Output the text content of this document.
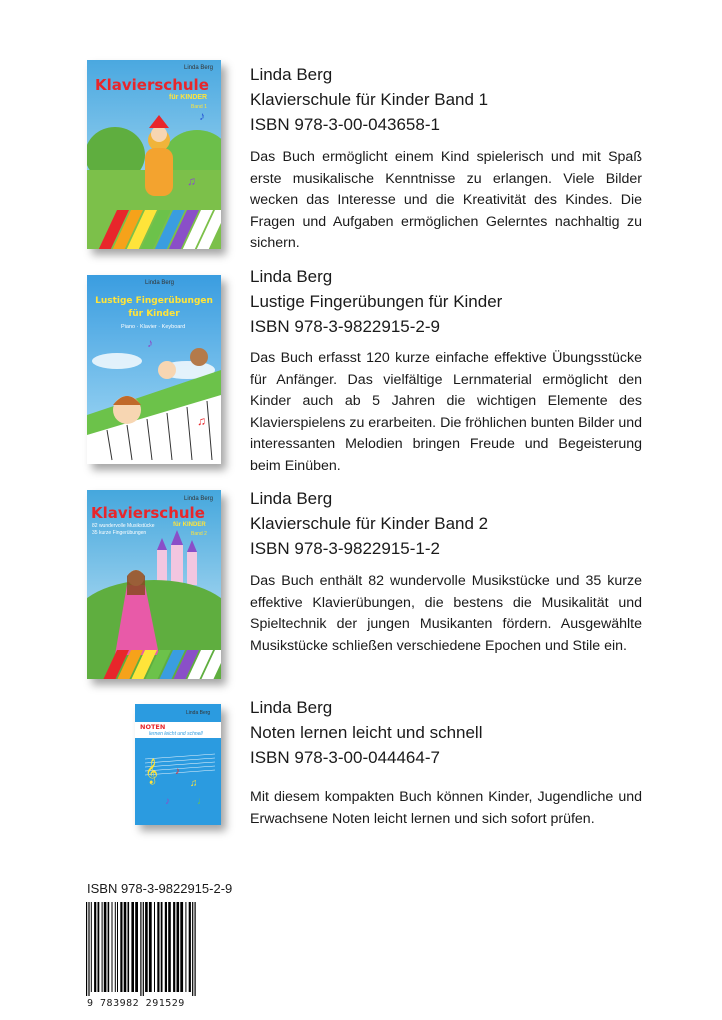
♪
♫
Linda Berg
Klavierschule
für KINDER
Band 1
Linda Berg
Klavierschule für Kinder Band 1
ISBN 978-3-00-043658-1
Das Buch ermöglicht einem Kind spielerisch und mit Spaß erste musikalische Kenntnisse zu erlangen. Viele Bilder wecken das Interesse und die Kreativität des Kindes. Die Fragen und Aufgaben ermöglichen Gelerntes nachhaltig zu sichern.
♪
♫
Linda Berg
Lustige Fingerübungen für Kinder
Piano · Klavier · Keyboard
Linda Berg
Lustige Fingerübungen für Kinder
ISBN 978-3-9822915-2-9
Das Buch erfasst 120 kurze einfache effektive Übungsstücke für Anfänger. Das vielfältige Lernmaterial ermöglicht den Kinder auch ab 5 Jahren die wichtigen Elemente des Klavierspielens zu erarbeiten. Die fröhlichen bunten Bilder und interessanten Melodien bringen Freude und Begeisterung beim Einüben.
Linda Berg
Klavierschule
für KINDER
Band 2
82 wundervolle Musikstücke
35 kurze Fingerübungen
Linda Berg
Klavierschule für Kinder Band 2
ISBN 978-3-9822915-1-2
Das Buch enthält 82 wundervolle Musikstücke und 35 kurze effektive Klavierübungen, die bestens die Musikalität und Spieltechnik der jungen Musikanten fördern. Ausgewählte Musikstücke schließen verschiedene Epochen und Stile ein.
𝄞 ♪
♫
♪	♩
Linda Berg
NOTEN
lernen leicht und schnell
Linda Berg
Noten lernen leicht und schnell
ISBN 978-3-00-044464-7
Mit diesem kompakten Buch können Kinder, Jugendliche und Erwachsene Noten leicht lernen und sich sofort prüfen.
ISBN 978-3-9822915-2-9
9 783982 291529
